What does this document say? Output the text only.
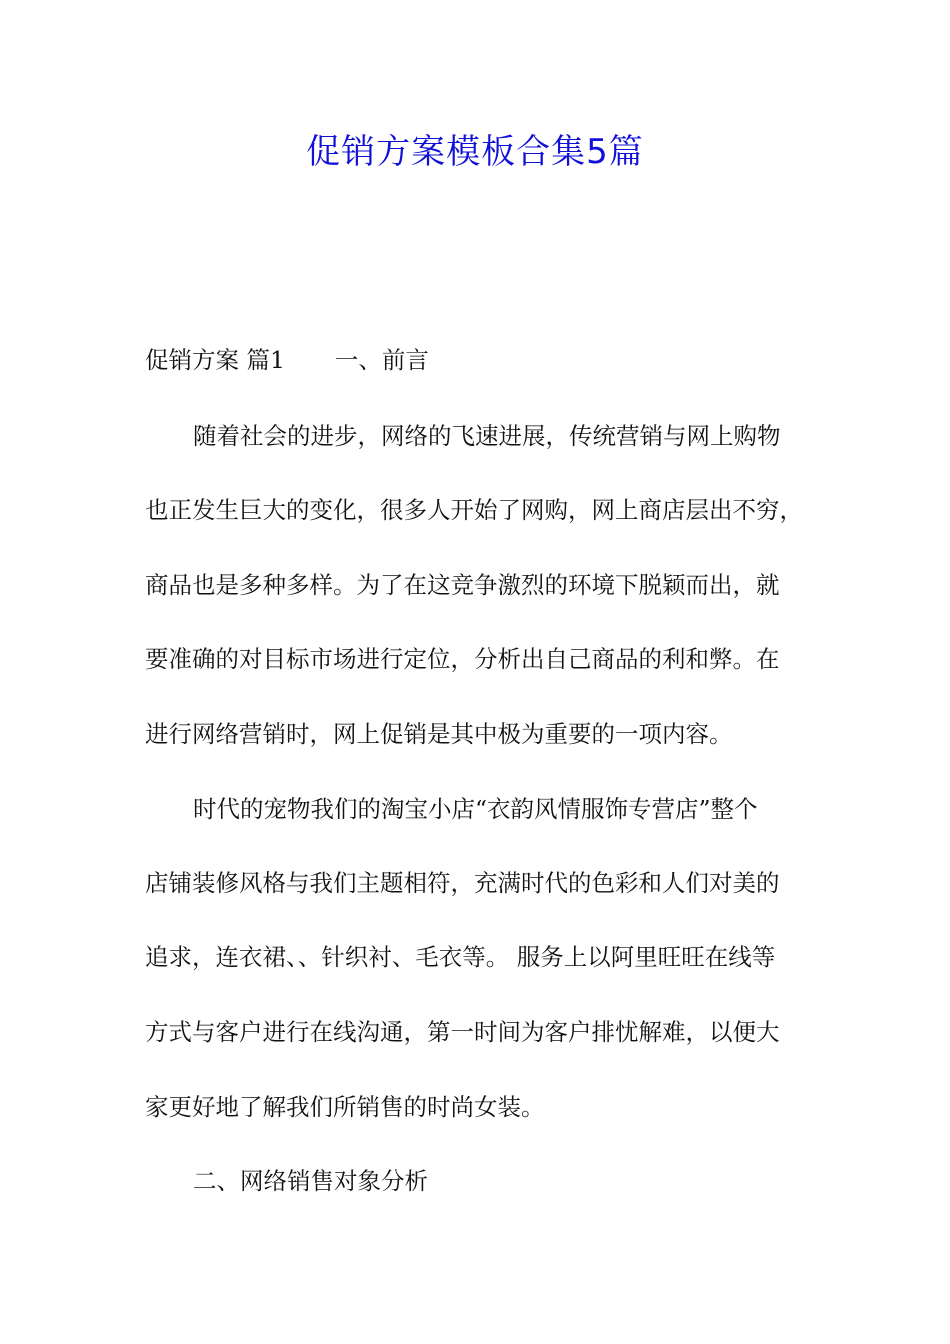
促销方案模板合集5篇
促销方案 篇1 一、前言
随着社会的进步，网络的飞速进展，传统营销与网上购物
也正发生巨大的变化，很多人开始了网购，网上商店层出不穷，
商品也是多种多样。为了在这竞争激烈的环境下脱颖而出，就
要准确的对目标市场进行定位，分析出自己商品的利和弊。在
进行网络营销时，网上促销是其中极为重要的一项内容。
时代的宠物我们的淘宝小店“衣韵风情服饰专营店”整个
店铺装修风格与我们主题相符，充满时代的色彩和人们对美的
追求，连衣裙、、针织衬、毛衣等。 服务上以阿里旺旺在线等
方式与客户进行在线沟通，第一时间为客户排忧解难，以便大
家更好地了解我们所销售的时尚女装。
二、网络销售对象分析
